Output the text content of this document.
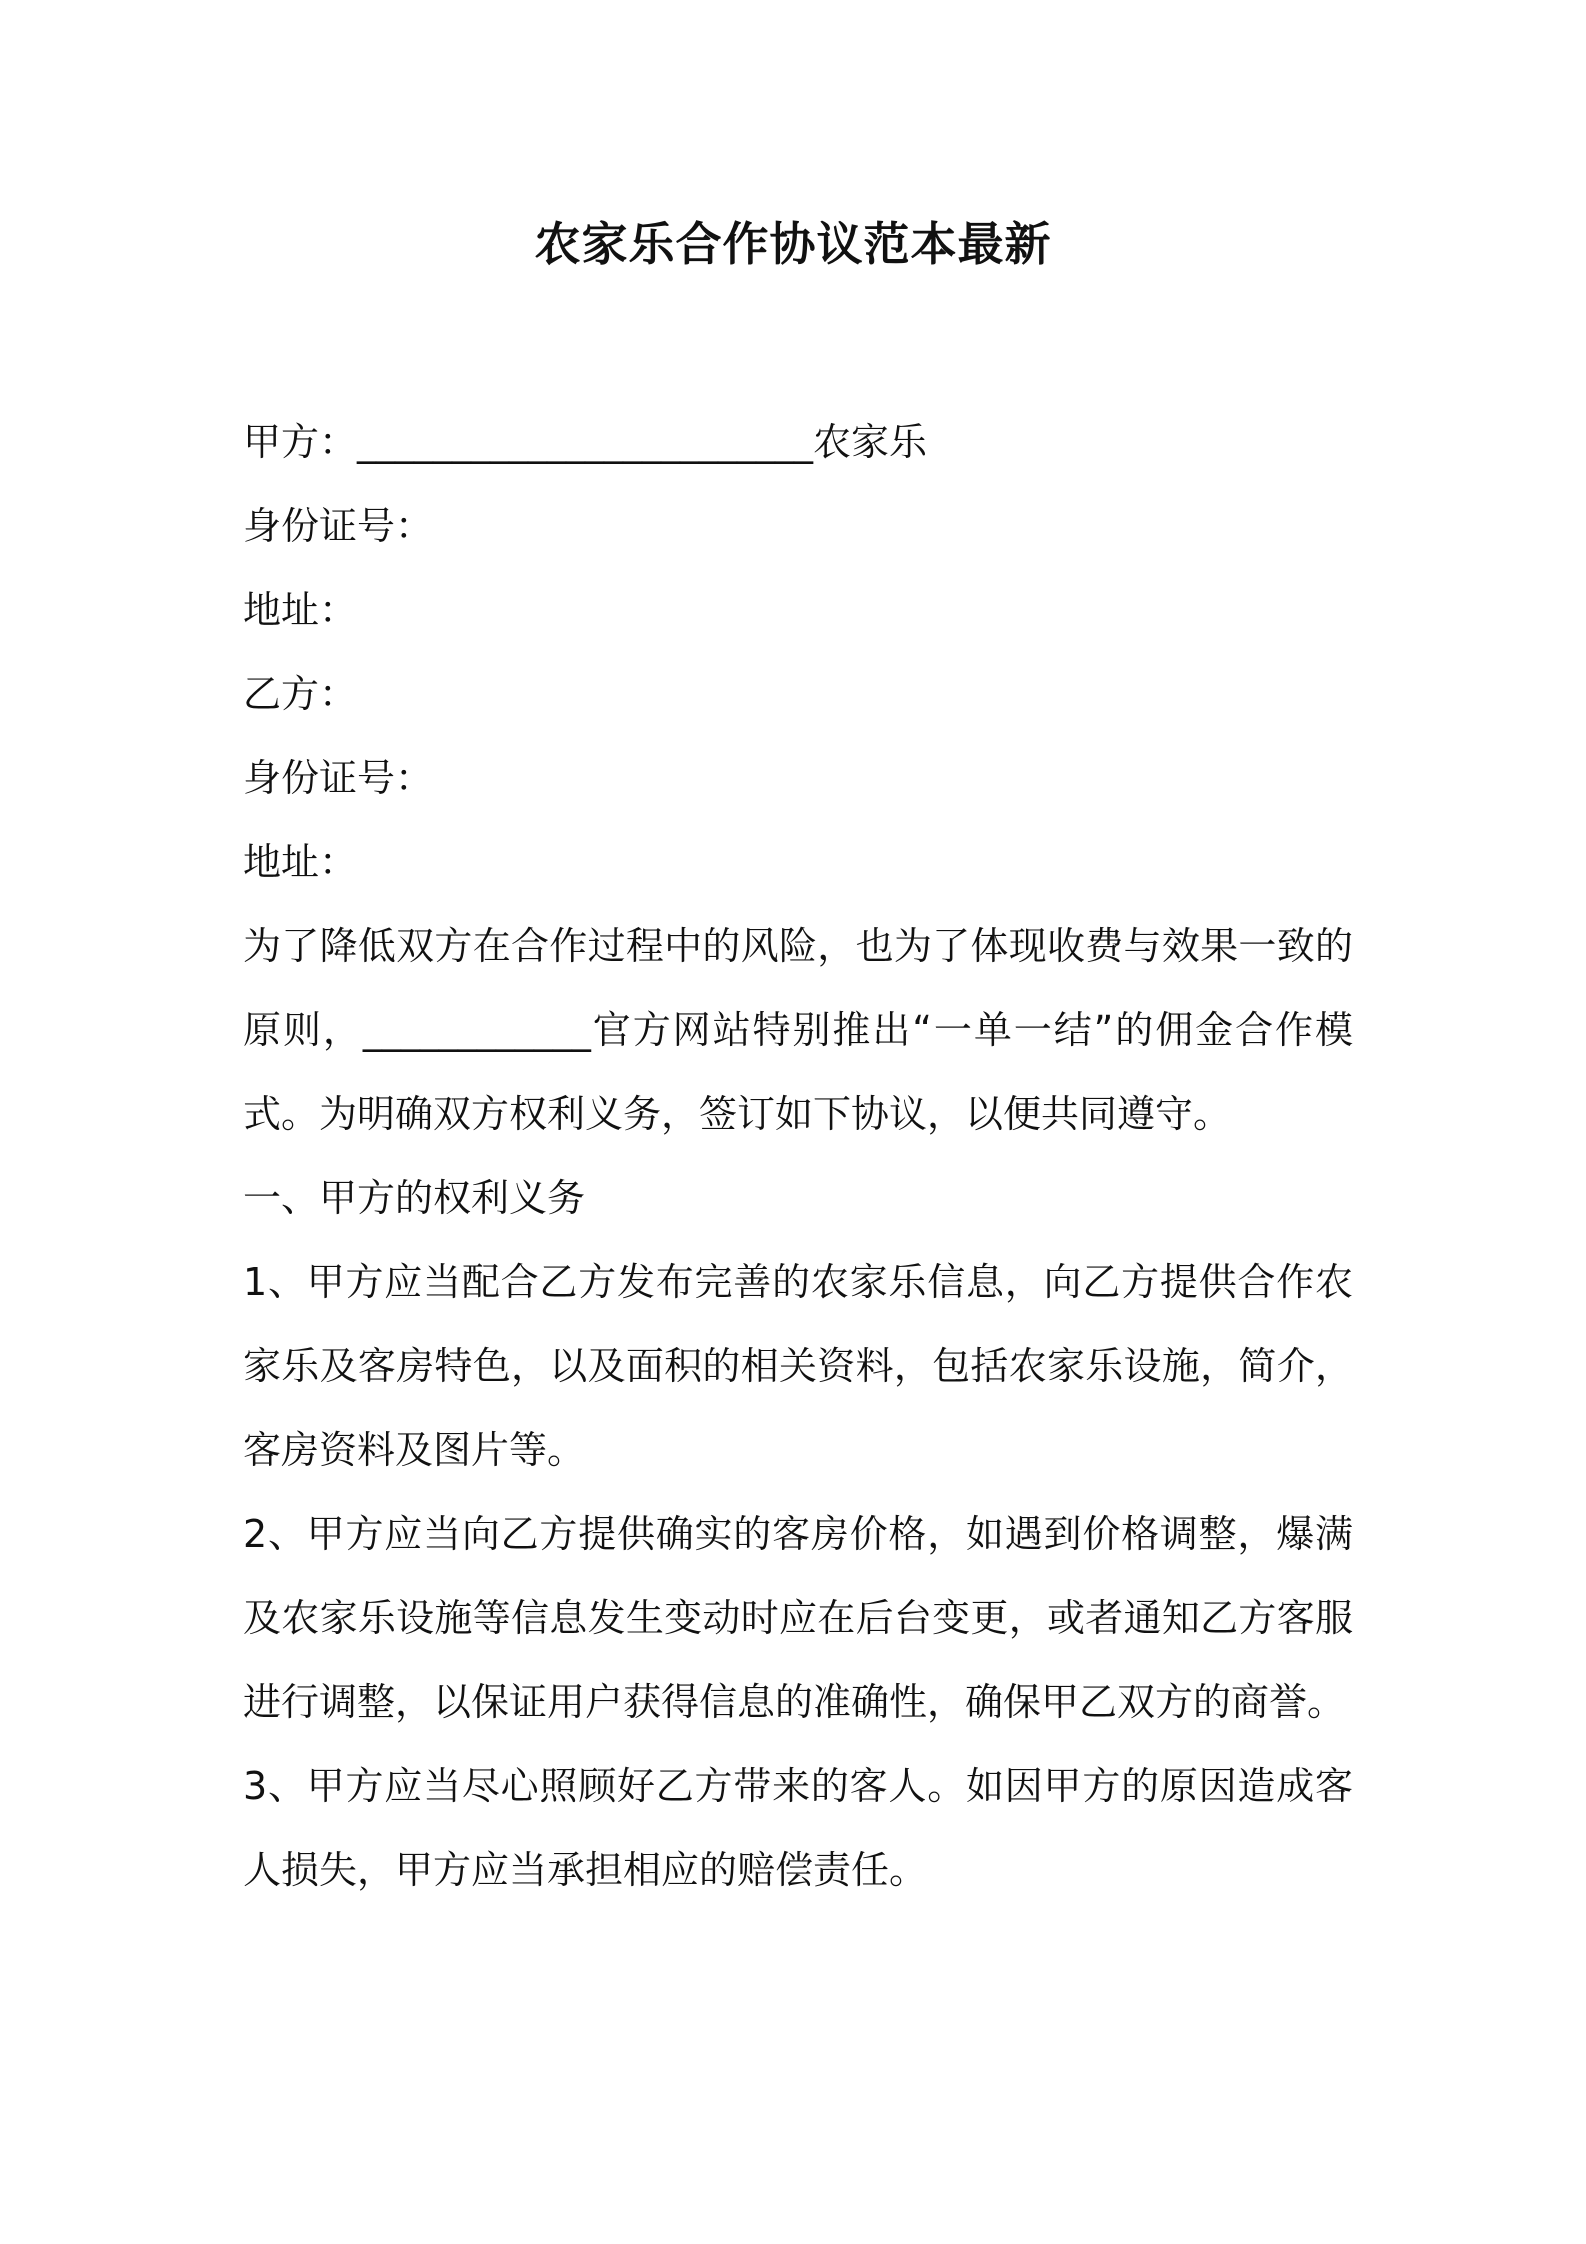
农家乐合作协议范本最新
甲方：________________________农家乐
身份证号：
地址：
乙方：
身份证号：
地址：
为了降低双方在合作过程中的风险，也为了体现收费与效果一致的原则，____________官方网站特别推出“一单一结”的佣金合作模式。为明确双方权利义务，签订如下协议，以便共同遵守。
一、甲方的权利义务
1、甲方应当配合乙方发布完善的农家乐信息，向乙方提供合作农家乐及客房特色，以及面积的相关资料，包括农家乐设施，简介，客房资料及图片等。
2、甲方应当向乙方提供确实的客房价格，如遇到价格调整，爆满及农家乐设施等信息发生变动时应在后台变更，或者通知乙方客服进行调整，以保证用户获得信息的准确性，确保甲乙双方的商誉。
3、甲方应当尽心照顾好乙方带来的客人。如因甲方的原因造成客人损失，甲方应当承担相应的赔偿责任。
